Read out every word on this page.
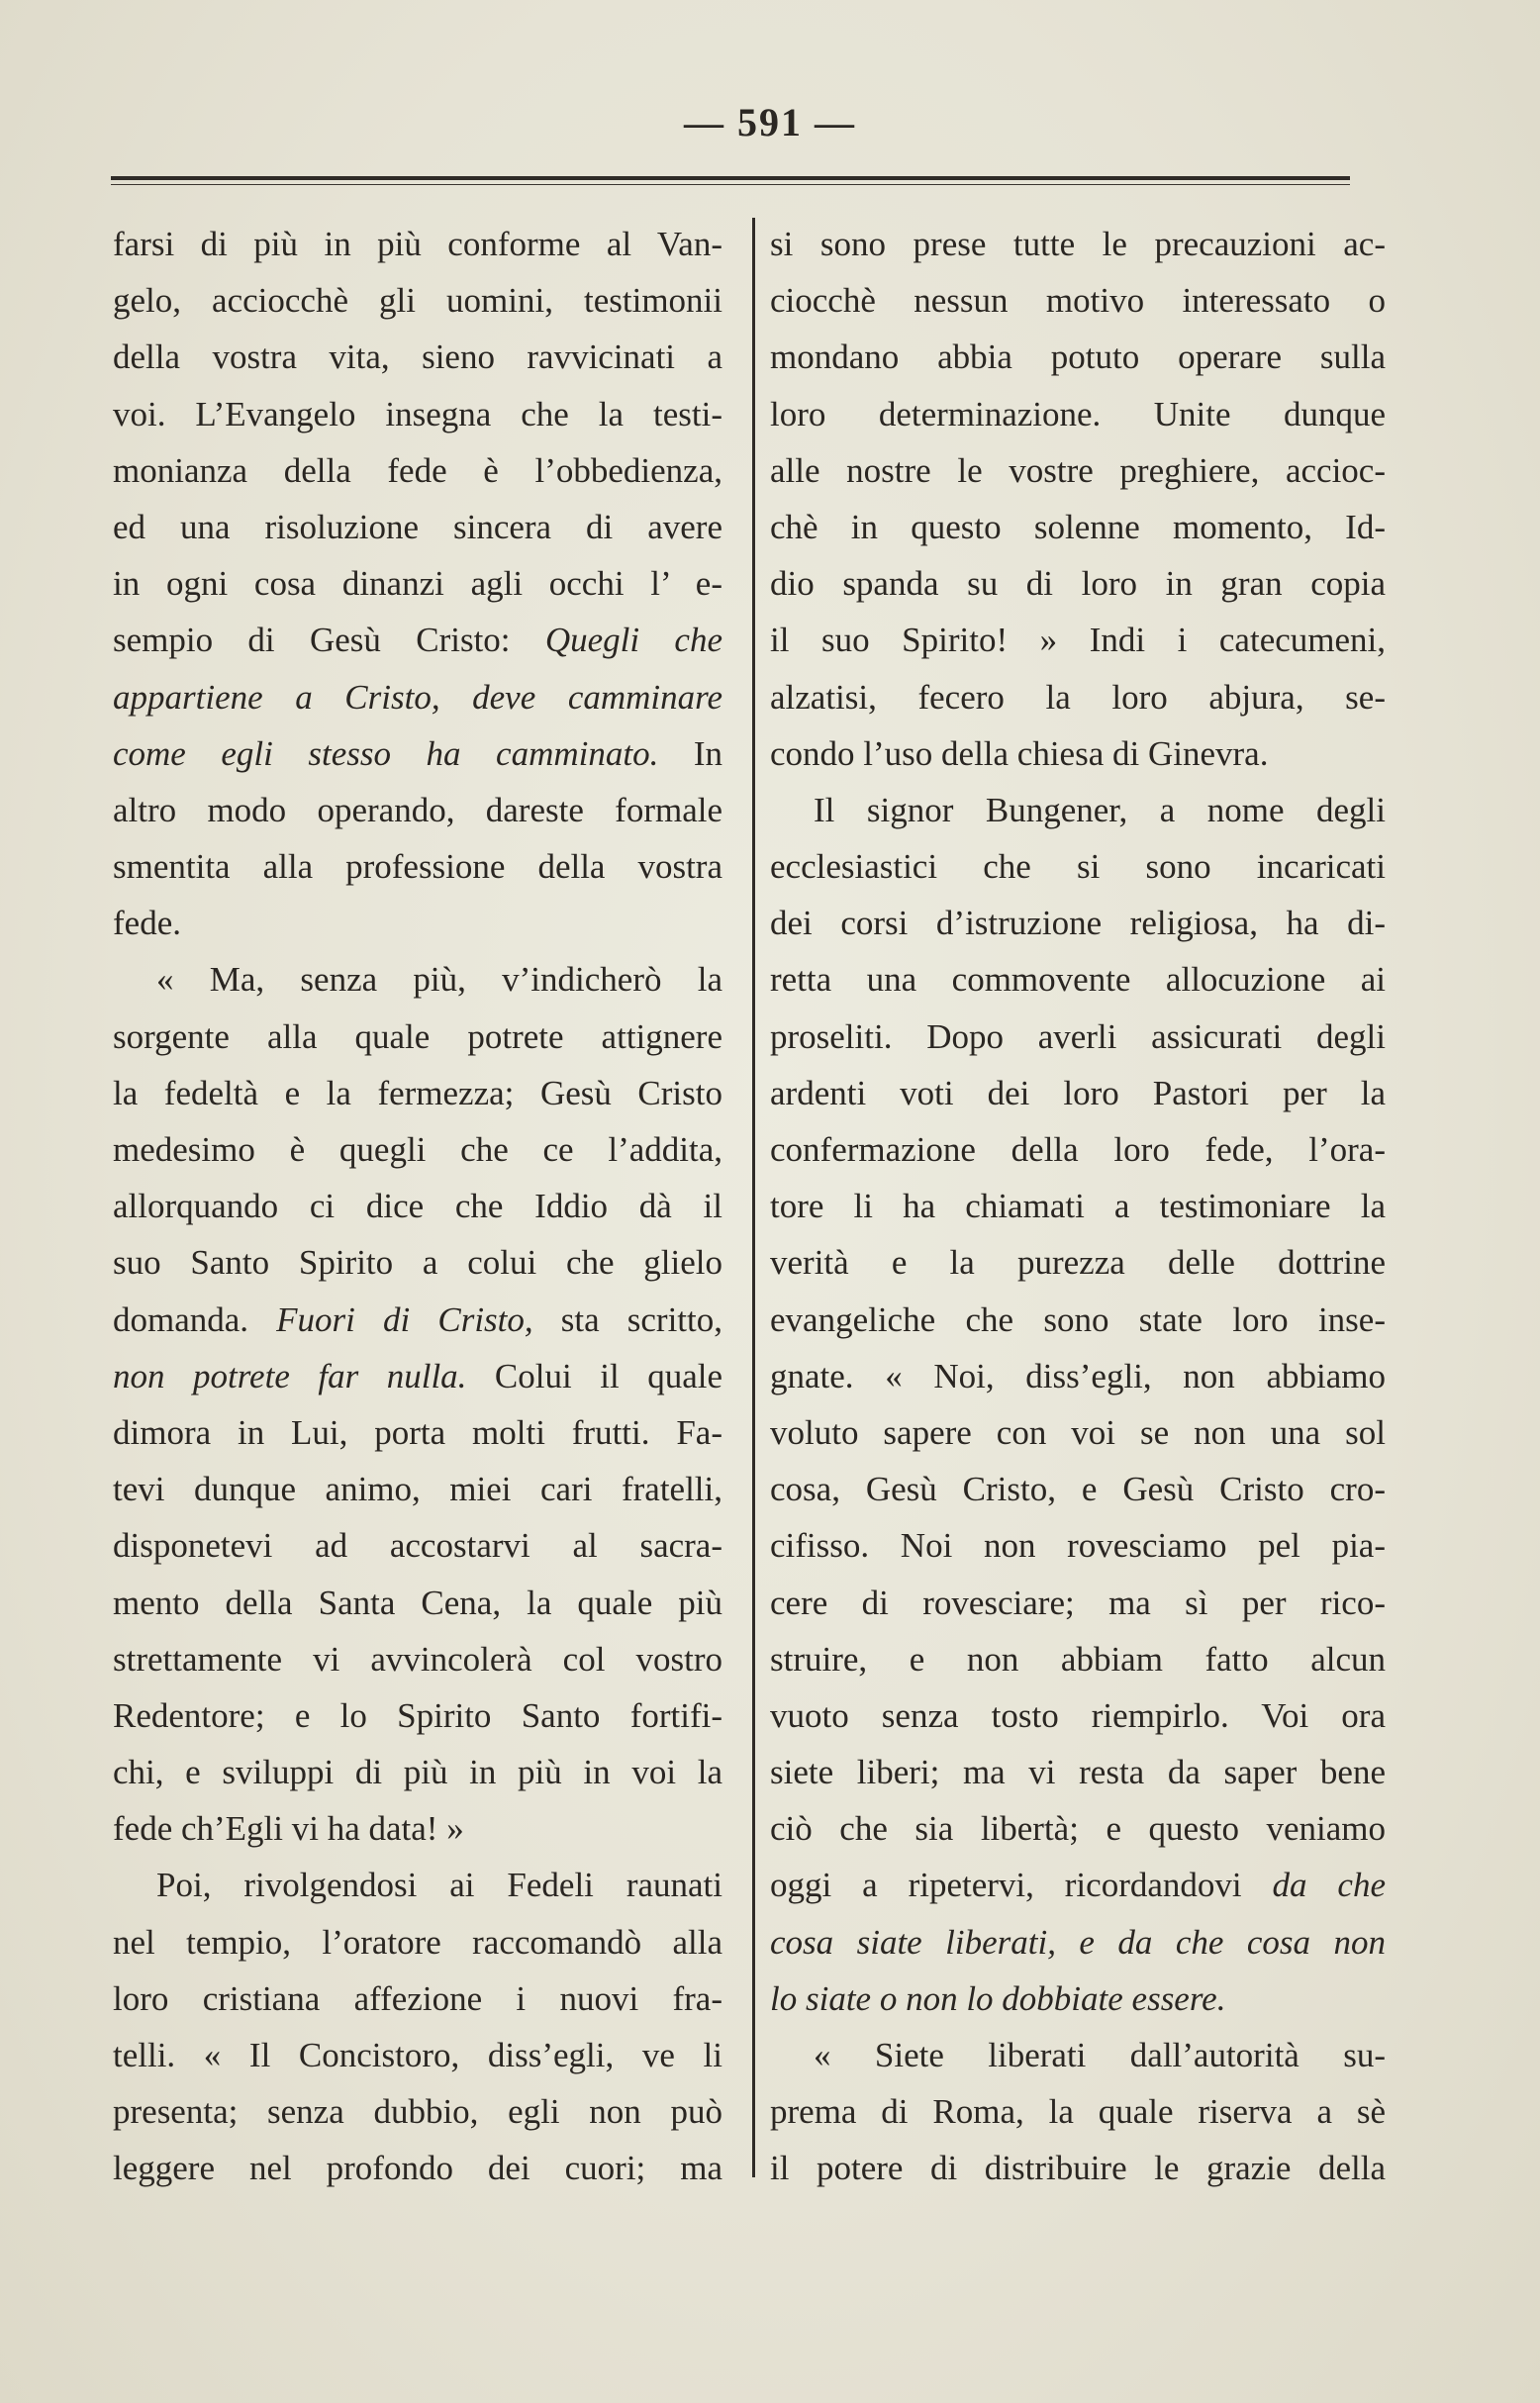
— 591 —
farsi di più in più conforme al Van-
gelo, acciocchè gli uomini, testimonii
della vostra vita, sieno ravvicinati a
voi. L’Evangelo insegna che la testi-
monianza della fede è l’obbedienza,
ed una risoluzione sincera di avere
in ogni cosa dinanzi agli occhi l’ e-
sempio di Gesù Cristo: Quegli che
appartiene a Cristo, deve camminare
come egli stesso ha camminato. In
altro modo operando, dareste formale
smentita alla professione della vostra
fede.
« Ma, senza più, v’indicherò la
sorgente alla quale potrete attignere
la fedeltà e la fermezza; Gesù Cristo
medesimo è quegli che ce l’addita,
allorquando ci dice che Iddio dà il
suo Santo Spirito a colui che glielo
domanda. Fuori di Cristo, sta scritto,
non potrete far nulla. Colui il quale
dimora in Lui, porta molti frutti. Fa-
tevi dunque animo, miei cari fratelli,
disponetevi ad accostarvi al sacra-
mento della Santa Cena, la quale più
strettamente vi avvincolerà col vostro
Redentore; e lo Spirito Santo fortifi-
chi, e sviluppi di più in più in voi la
fede ch’Egli vi ha data! »
Poi, rivolgendosi ai Fedeli raunati
nel tempio, l’oratore raccomandò alla
loro cristiana affezione i nuovi fra-
telli. « Il Concistoro, diss’egli, ve li
presenta; senza dubbio, egli non può
leggere nel profondo dei cuori; ma
si sono prese tutte le precauzioni ac-
ciocchè nessun motivo interessato o
mondano abbia potuto operare sulla
loro determinazione. Unite dunque
alle nostre le vostre preghiere, accioc-
chè in questo solenne momento, Id-
dio spanda su di loro in gran copia
il suo Spirito! » Indi i catecumeni,
alzatisi, fecero la loro abjura, se-
condo l’uso della chiesa di Ginevra.
Il signor Bungener, a nome degli
ecclesiastici che si sono incaricati
dei corsi d’istruzione religiosa, ha di-
retta una commovente allocuzione ai
proseliti. Dopo averli assicurati degli
ardenti voti dei loro Pastori per la
confermazione della loro fede, l’ora-
tore li ha chiamati a testimoniare la
verità e la purezza delle dottrine
evangeliche che sono state loro inse-
gnate. « Noi, diss’egli, non abbiamo
voluto sapere con voi se non una sol
cosa, Gesù Cristo, e Gesù Cristo cro-
cifisso. Noi non rovesciamo pel pia-
cere di rovesciare; ma sì per rico-
struire, e non abbiam fatto alcun
vuoto senza tosto riempirlo. Voi ora
siete liberi; ma vi resta da saper bene
ciò che sia libertà; e questo veniamo
oggi a ripetervi, ricordandovi da che
cosa siate liberati, e da che cosa non
lo siate o non lo dobbiate essere.
« Siete liberati dall’autorità su-
prema di Roma, la quale riserva a sè
il potere di distribuire le grazie della
